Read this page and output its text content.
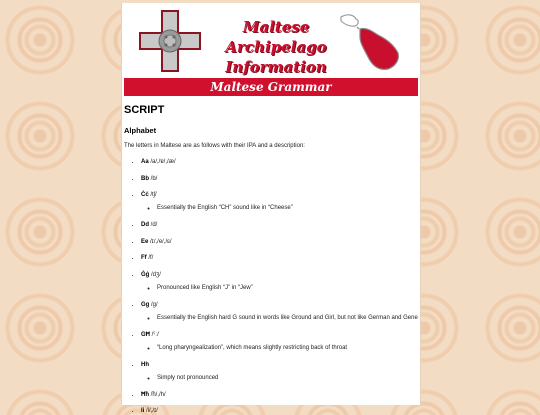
Maltese Archipelago
Information
Maltese Grammar
SCRIPT
Alphabet

The letters in Maltese are as follows with their IPA and a description:

• Aa /a/,/ɐ/,/æ/
• Bb /b/
• Ċċ /tʃ/
◦ Essentially the English “CH” sound like in “Cheese”
• Dd /d/
• Ee /ɪ/,/e/,/ɛ/
• Ff /f/
• Ġġ /dʒ/
◦ Pronounced like English “J” in “Jew”
• Gg /g/
◦ Essentially the English hard G sound in words like Ground and Girl, but not like German and Gene
• GĦ /ˤː/
◦ “Long pharyngealization”, which means slightly restricting back of throat
• Hh
◦ Simply not pronounced
• Ħħ /ħ/,/h/
• Ii /i/,/ɪ/
